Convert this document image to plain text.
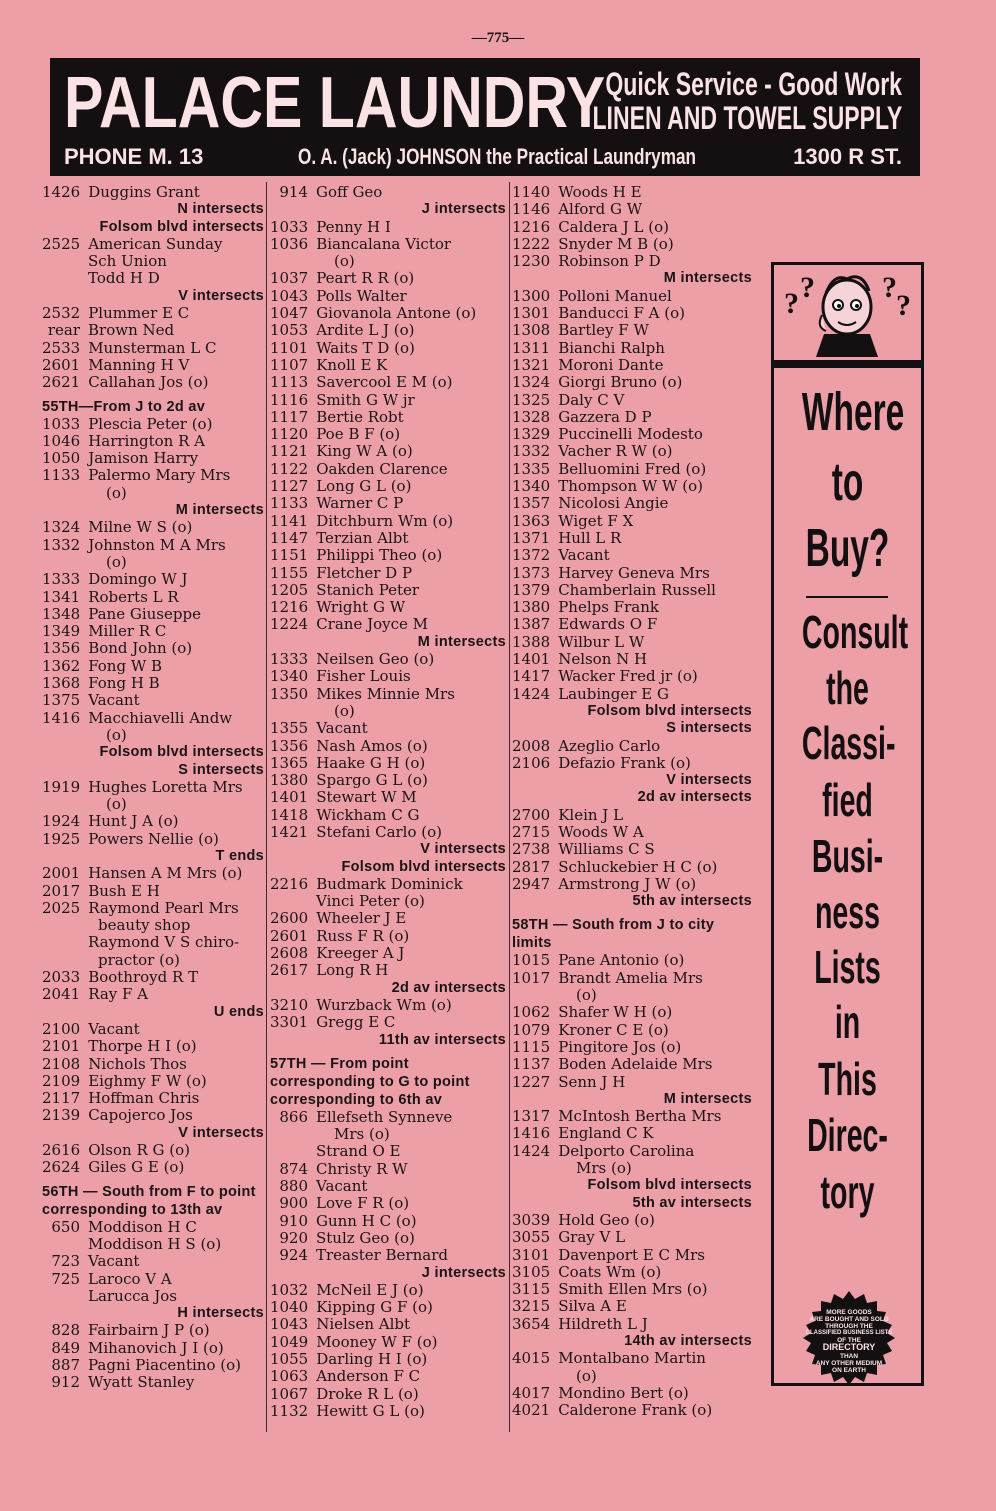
—775—
PALACE LAUNDRY Quick Service - Good Work
LINEN AND TOWEL SUPPLY
PHONE M. 13	O. A. (Jack) JOHNSON the Practical Laundryman	1300 R ST.
1426 Duggins Grant
N intersects
Folsom blvd intersects
2525 American Sunday
Sch Union
Todd H D
V intersects
2532 Plummer E C
rear Brown Ned
2533 Munsterman L C
2601 Manning H V
2621 Callahan Jos (o)
55TH—From J to 2d av
1033 Plescia Peter (o)
1046 Harrington R A
1050 Jamison Harry
1133 Palermo Mary Mrs
(o)
M intersects
1324 Milne W S (o)
1332 Johnston M A Mrs
(o)
1333 Domingo W J
1341 Roberts L R
1348 Pane Giuseppe
1349 Miller R C
1356 Bond John (o)
1362 Fong W B
1368 Fong H B
1375 Vacant
1416 Macchiavelli Andw
(o)
Folsom blvd intersects
S intersects
1919 Hughes Loretta Mrs
(o)
1924 Hunt J A (o)
1925 Powers Nellie (o)
T ends
2001 Hansen A M Mrs (o)
2017 Bush E H
2025 Raymond Pearl Mrs
beauty shop
Raymond V S chiro-
practor (o)
2033 Boothroyd R T
2041 Ray F A
U ends
2100 Vacant
2101 Thorpe H I (o)
2108 Nichols Thos
2109 Eighmy F W (o)
2117 Hoffman Chris
2139 Capojerco Jos
V intersects
2616 Olson R G (o)
2624 Giles G E (o)
56TH — South from F to point corresponding to 13th av
650 Moddison H C
Moddison H S (o)
723 Vacant
725 Laroco V A
Larucca Jos
H intersects
828 Fairbairn J P (o)
849 Mihanovich J I (o)
887 Pagni Piacentino (o)
912 Wyatt Stanley
914 Goff Geo
J intersects
1033 Penny H I
1036 Biancalana Victor
(o)
1037 Peart R R (o)
1043 Polls Walter
1047 Giovanola Antone (o)
1053 Ardite L J (o)
1101 Waits T D (o)
1107 Knoll E K
1113 Savercool E M (o)
1116 Smith G W jr
1117 Bertie Robt
1120 Poe B F (o)
1121 King W A (o)
1122 Oakden Clarence
1127 Long G L (o)
1133 Warner C P
1141 Ditchburn Wm (o)
1147 Terzian Albt
1151 Philippi Theo (o)
1155 Fletcher D P
1205 Stanich Peter
1216 Wright G W
1224 Crane Joyce M
M intersects
1333 Neilsen Geo (o)
1340 Fisher Louis
1350 Mikes Minnie Mrs
(o)
1355 Vacant
1356 Nash Amos (o)
1365 Haake G H (o)
1380 Spargo G L (o)
1401 Stewart W M
1418 Wickham C G
1421 Stefani Carlo (o)
V intersects
Folsom blvd intersects
2216 Budmark Dominick
Vinci Peter (o)
2600 Wheeler J E
2601 Russ F R (o)
2608 Kreeger A J
2617 Long R H
2d av intersects
3210 Wurzback Wm (o)
3301 Gregg E C
11th av intersects
57TH — From point corresponding to G to point corresponding to 6th av
866 Ellefseth Synneve
Mrs (o)
Strand O E
874 Christy R W
880 Vacant
900 Love F R (o)
910 Gunn H C (o)
920 Stulz Geo (o)
924 Treaster Bernard
J intersects
1032 McNeil E J (o)
1040 Kipping G F (o)
1043 Nielsen Albt
1049 Mooney W F (o)
1055 Darling H I (o)
1063 Anderson F C
1067 Droke R L (o)
1132 Hewitt G L (o)
1140 Woods H E
1146 Alford G W
1216 Caldera J L (o)
1222 Snyder M B (o)
1230 Robinson P D
M intersects
1300 Polloni Manuel
1301 Banducci F A (o)
1308 Bartley F W
1311 Bianchi Ralph
1321 Moroni Dante
1324 Giorgi Bruno (o)
1325 Daly C V
1328 Gazzera D P
1329 Puccinelli Modesto
1332 Vacher R W (o)
1335 Belluomini Fred (o)
1340 Thompson W W (o)
1357 Nicolosi Angie
1363 Wiget F X
1371 Hull L R
1372 Vacant
1373 Harvey Geneva Mrs
1379 Chamberlain Russell
1380 Phelps Frank
1387 Edwards O F
1388 Wilbur L W
1401 Nelson N H
1417 Wacker Fred jr (o)
1424 Laubinger E G
Folsom blvd intersects
S intersects
2008 Azeglio Carlo
2106 Defazio Frank (o)
V intersects
2d av intersects
2700 Klein J L
2715 Woods W A
2738 Williams C S
2817 Schluckebier H C (o)
2947 Armstrong J W (o)
5th av intersects
58TH — South from J to city limits
1015 Pane Antonio (o)
1017 Brandt Amelia Mrs
(o)
1062 Shafer W H (o)
1079 Kroner C E (o)
1115 Pingitore Jos (o)
1137 Boden Adelaide Mrs
1227 Senn J H
M intersects
1317 McIntosh Bertha Mrs
1416 England C K
1424 Delporto Carolina
Mrs (o)
Folsom blvd intersects
5th av intersects
3039 Hold Geo (o)
3055 Gray V L
3101 Davenport E C Mrs
3105 Coats Wm (o)
3115 Smith Ellen Mrs (o)
3215 Silva A E
3654 Hildreth L J
14th av intersects
4015 Montalbano Martin
(o)
4017 Mondino Bert (o)
4021 Calderone Frank (o)
? ? ?
?
Where
to
Buy?
Consult
the
Classi-
fied
Busi-
ness
Lists
in
This
Direc-
tory
MORE GOODS
ARE BOUGHT AND SOLD
THROUGH THE
CLASSIFIED BUSINESS LISTS
OF THE
DIRECTORY
THAN
ANY OTHER MEDIUM
ON EARTH
